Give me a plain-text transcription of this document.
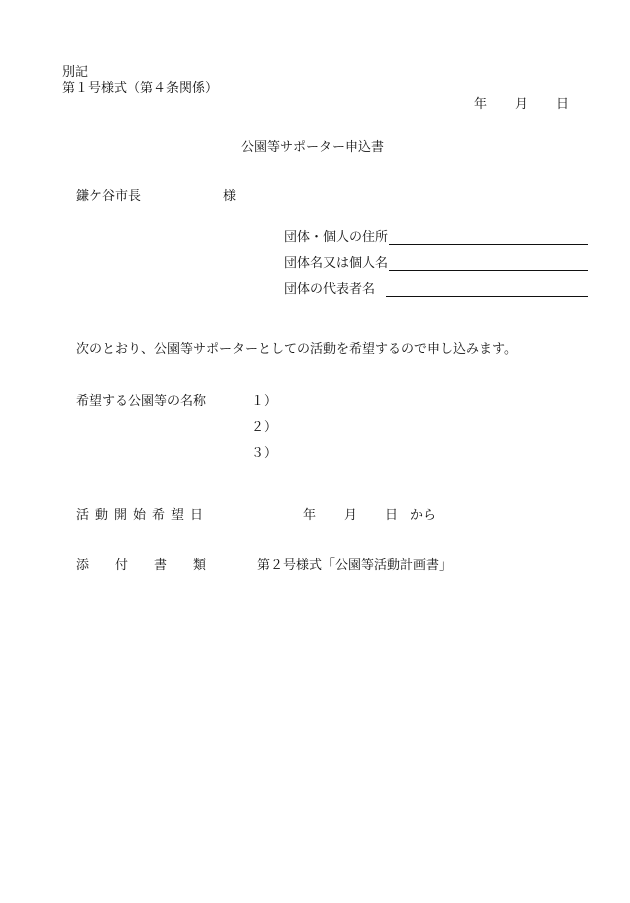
別記
第１号様式（第４条関係）
年 月 日
公園等サポーター申込書
鎌ケ谷市長	様
団体・個人の住所
団体名又は個人名
団体の代表者名
次のとおり、公園等サポーターとしての活動を希望するので申し込みます。
希望する公園等の名称	１）
２）
３）
活動開始希望日	年 月 日 から
添付書類 第２号様式「公園等活動計画書」
